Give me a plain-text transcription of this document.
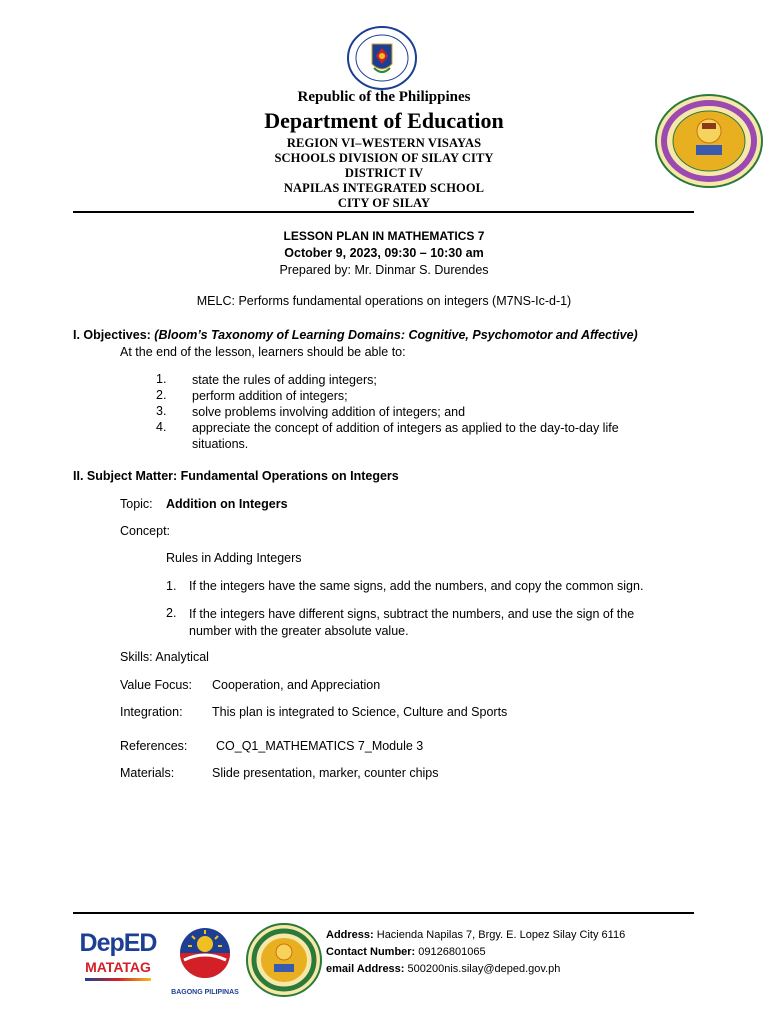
Republic of the Philippines
Department of Education
REGION VI–WESTERN VISAYAS
SCHOOLS DIVISION OF SILAY CITY
DISTRICT IV
NAPILAS INTEGRATED SCHOOL
CITY OF SILAY
LESSON PLAN IN MATHEMATICS 7
October 9, 2023, 09:30 – 10:30 am
Prepared by: Mr. Dinmar S. Durendes
MELC: Performs fundamental operations on integers (M7NS-Ic-d-1)
I. Objectives: (Bloom’s Taxonomy of Learning Domains: Cognitive, Psychomotor and Affective)
At the end of the lesson, learners should be able to:
1. state the rules of adding integers;
2. perform addition of integers;
3. solve problems involving addition of integers; and
4. appreciate the concept of addition of integers as applied to the day-to-day life situations.
II. Subject Matter: Fundamental Operations on Integers
Topic: Addition on Integers
Concept:
Rules in Adding Integers
1. If the integers have the same signs, add the numbers, and copy the common sign.
2. If the integers have different signs, subtract the numbers, and use the sign of the number with the greater absolute value.
Skills: Analytical
Value Focus: Cooperation, and Appreciation
Integration: This plan is integrated to Science, Culture and Sports
References: CO_Q1_MATHEMATICS 7_Module 3
Materials:	Slide presentation, marker, counter chips
DepED
MATATAG
BAGONG PILIPINAS
Address: Hacienda Napilas 7, Brgy. E. Lopez Silay City 6116
Contact Number: 09126801065
email Address: 500200nis.silay@deped.gov.ph
